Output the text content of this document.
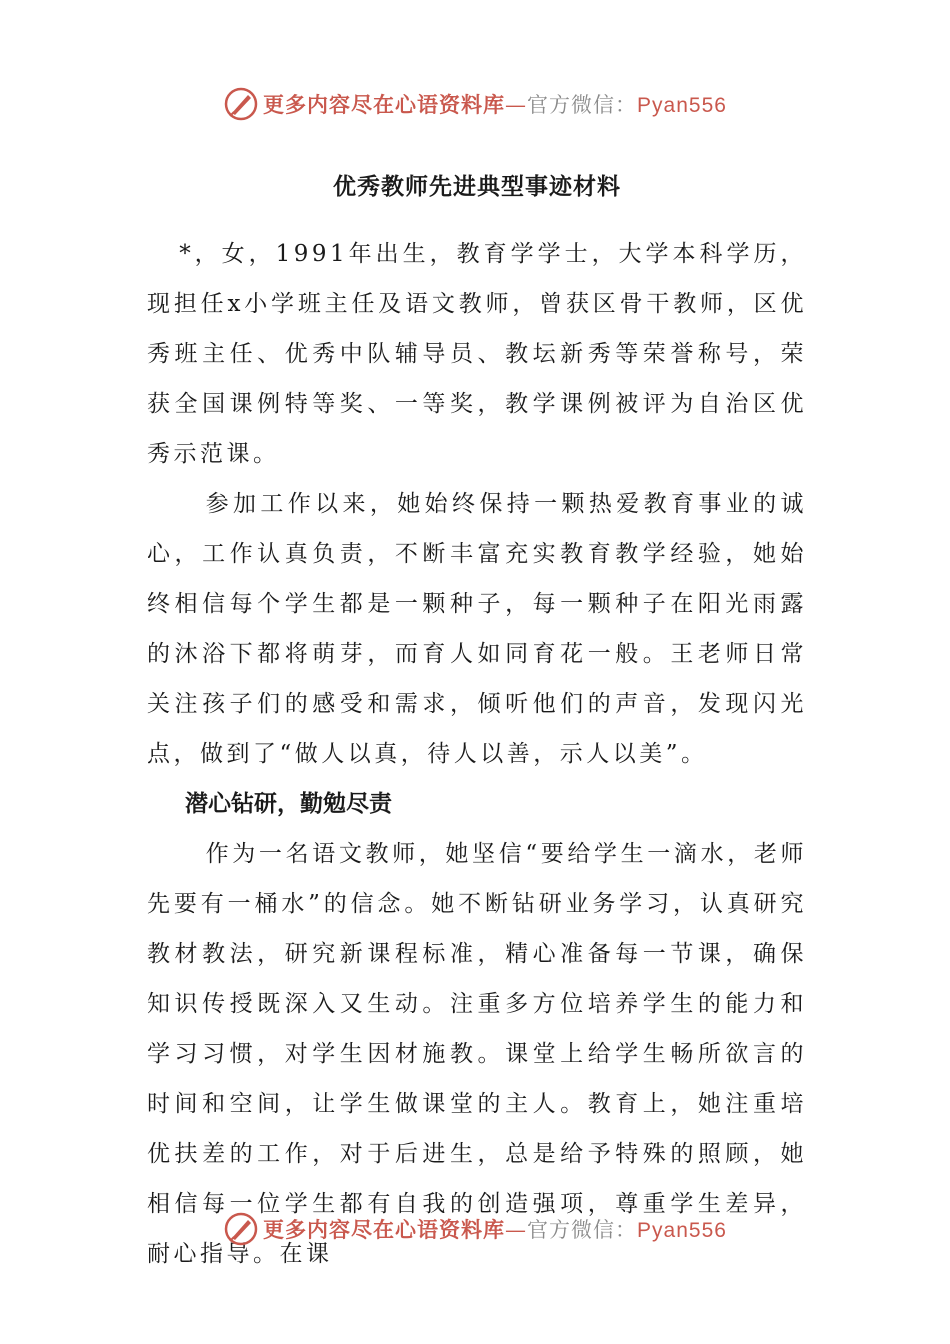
更多内容尽在心语资料库—官方微信：Pyan556
优秀教师先进典型事迹材料

*，女，1991年出生，教育学学士，大学本科学历，现担任x小学班主任及语文教师，曾获区骨干教师，区优秀班主任、优秀中队辅导员、教坛新秀等荣誉称号，荣获全国课例特等奖、一等奖，教学课例被评为自治区优秀示范课。

参加工作以来，她始终保持一颗热爱教育事业的诚心，工作认真负责，不断丰富充实教育教学经验，她始终相信每个学生都是一颗种子，每一颗种子在阳光雨露的沐浴下都将萌芽，而育人如同育花一般。王老师日常关注孩子们的感受和需求，倾听他们的声音，发现闪光点，做到了“做人以真，待人以善，示人以美”。

潜心钻研，勤勉尽责

作为一名语文教师，她坚信“要给学生一滴水，老师先要有一桶水”的信念。她不断钻研业务学习，认真研究教材教法，研究新课程标准，精心准备每一节课，确保知识传授既深入又生动。注重多方位培养学生的能力和学习习惯，对学生因材施教。课堂上给学生畅所欲言的时间和空间，让学生做课堂的主人。教育上，她注重培优扶差的工作，对于后进生，总是给予特殊的照顾，她相信每一位学生都有自我的创造强项，尊重学生差异，耐心指导。在课

更多内容尽在心语资料库—官方微信：Pyan556
